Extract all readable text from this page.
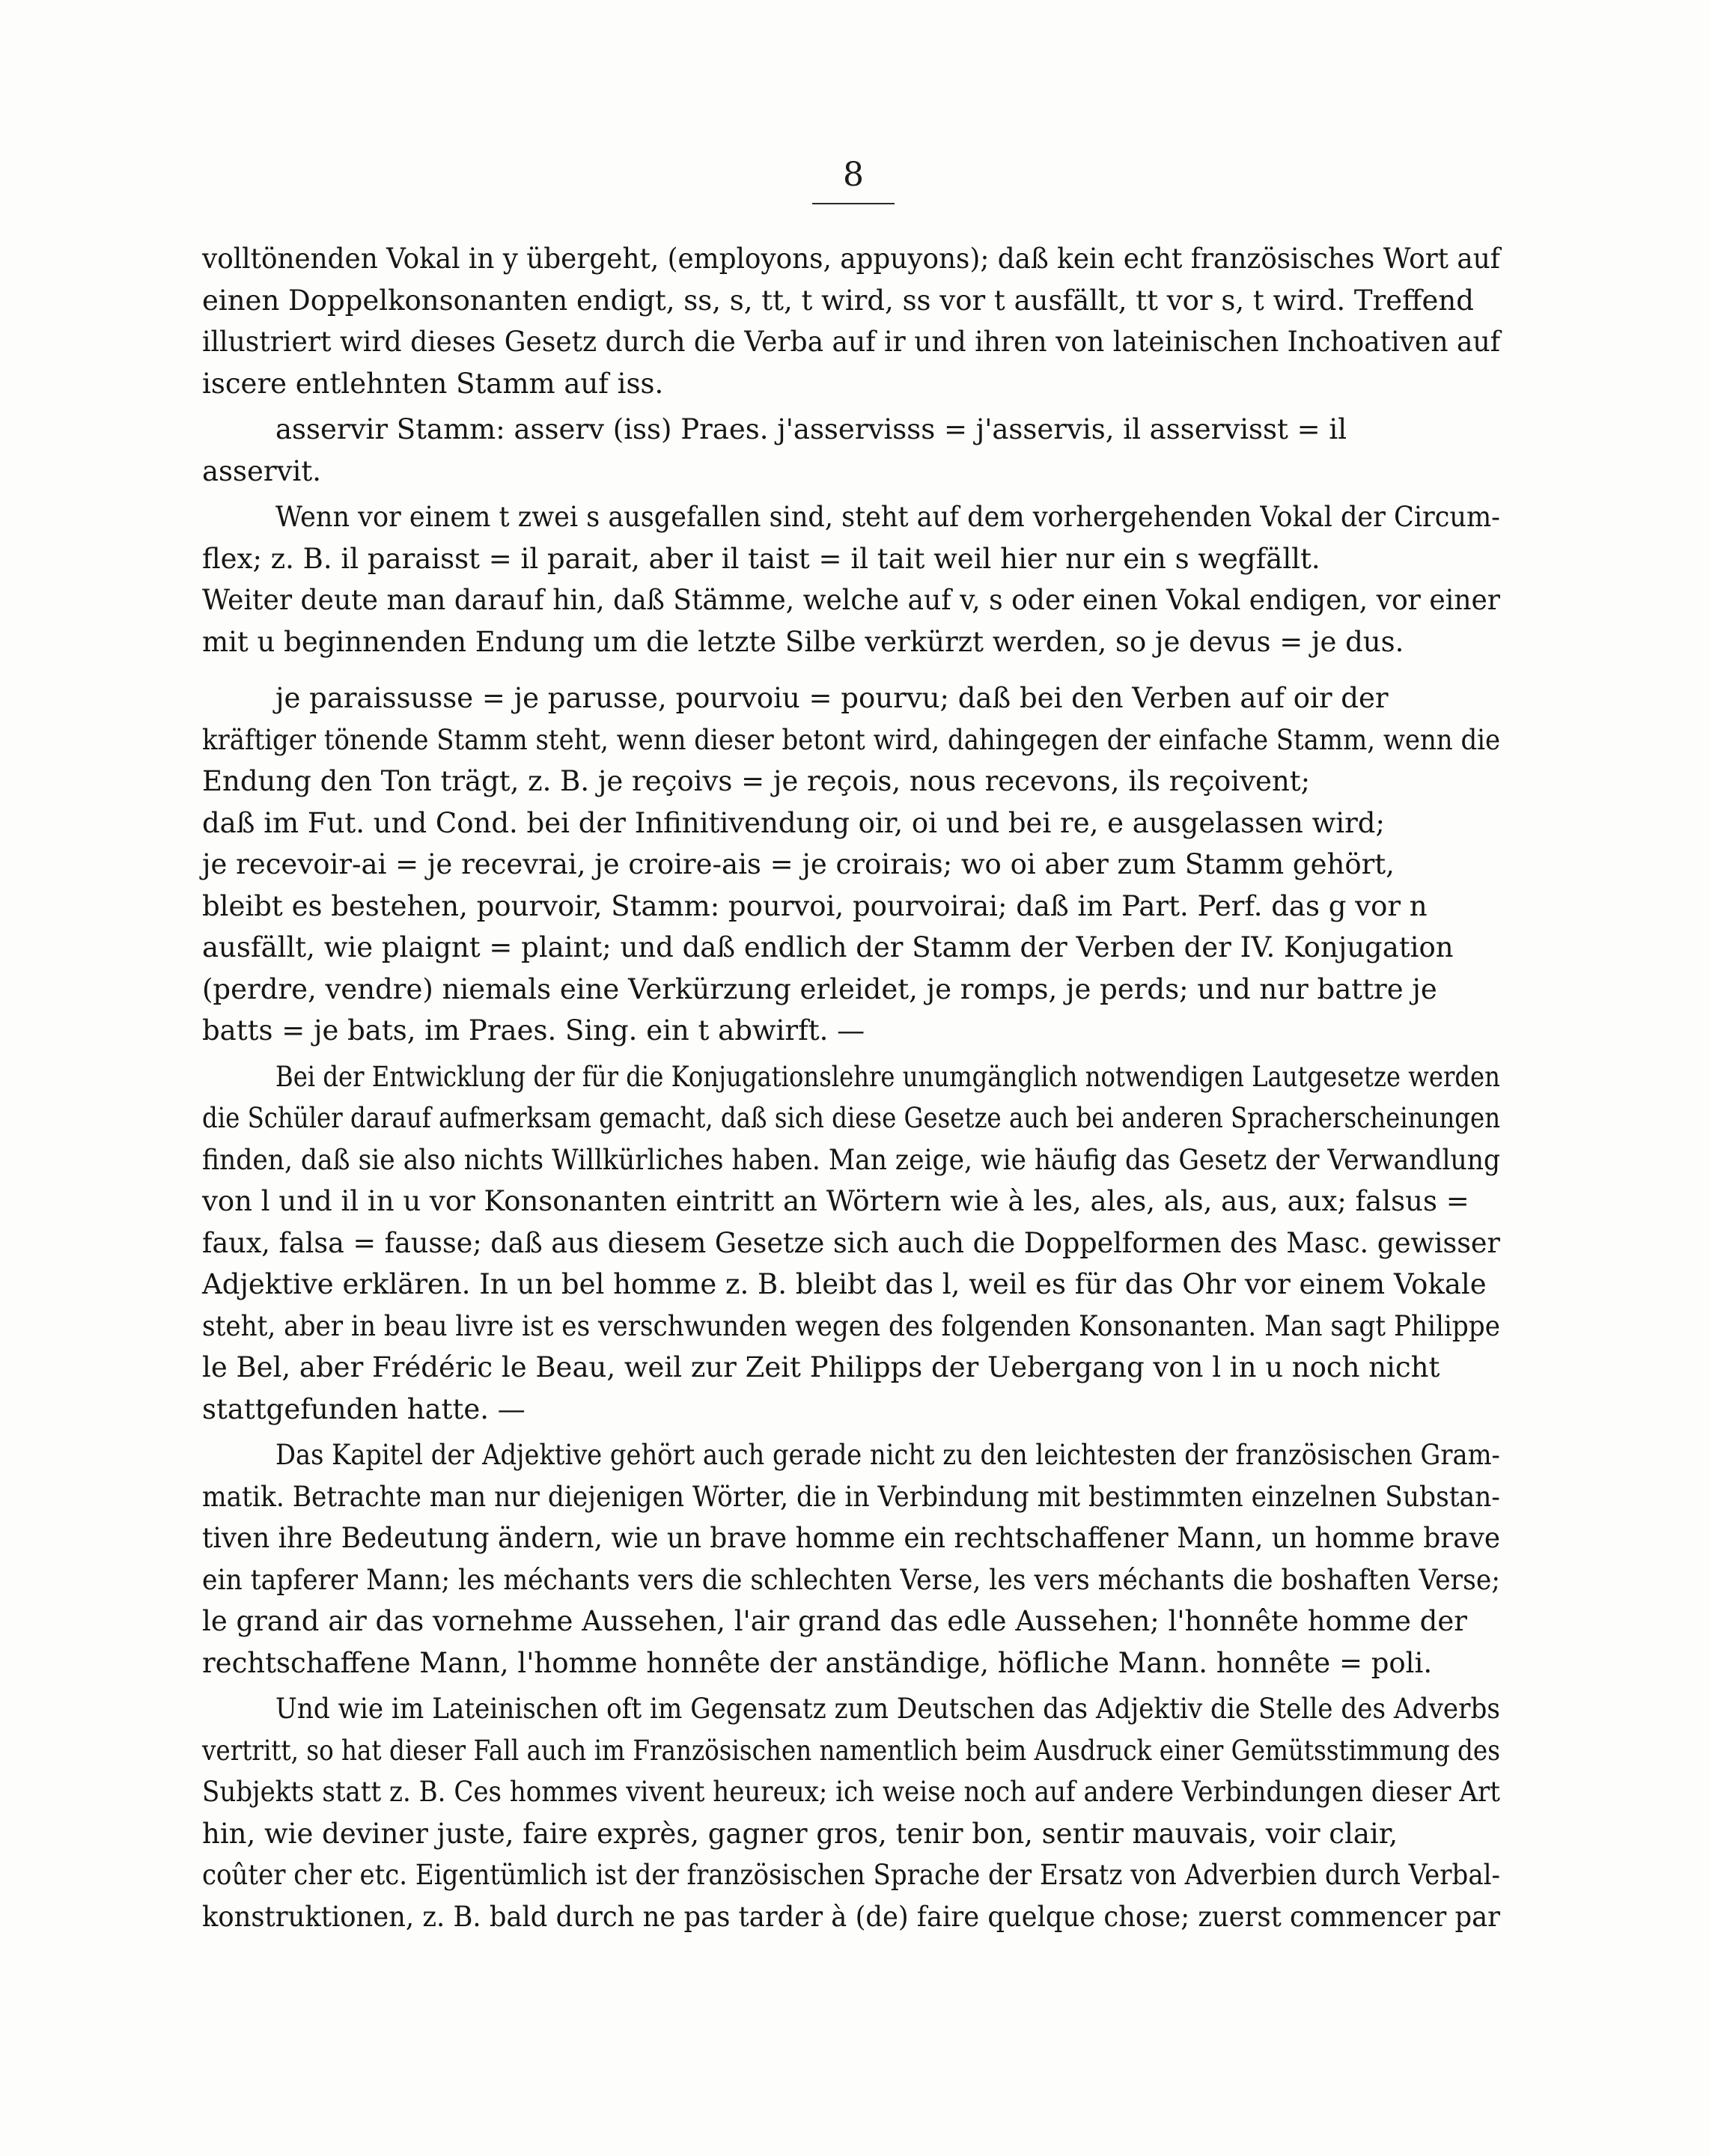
8
volltönenden Vokal in y übergeht, (employons, appuyons); daß kein echt französisches Wort auf
einen Doppelkonsonanten endigt, ss, s, tt, t wird, ss vor t ausfällt, tt vor s, t wird. Treffend
illustriert wird dieses Gesetz durch die Verba auf ir und ihren von lateinischen Inchoativen auf
iscere entlehnten Stamm auf iss.
asservir Stamm: asserv (iss) Praes. j'asservisss = j'asservis, il asservisst = il
asservit.
Wenn vor einem t zwei s ausgefallen sind, steht auf dem vorhergehenden Vokal der Circum-
flex; z. B. il paraisst = il parait, aber il taist = il tait weil hier nur ein s wegfällt.
Weiter deute man darauf hin, daß Stämme, welche auf v, s oder einen Vokal endigen, vor einer
mit u beginnenden Endung um die letzte Silbe verkürzt werden, so je devus = je dus.
je paraissusse = je parusse, pourvoiu = pourvu; daß bei den Verben auf oir der
kräftiger tönende Stamm steht, wenn dieser betont wird, dahingegen der einfache Stamm, wenn die
Endung den Ton trägt, z. B. je reçoivs = je reçois, nous recevons, ils reçoivent;
daß im Fut. und Cond. bei der Infinitivendung oir, oi und bei re, e ausgelassen wird;
je recevoir-ai = je recevrai, je croire-ais = je croirais; wo oi aber zum Stamm gehört,
bleibt es bestehen, pourvoir, Stamm: pourvoi, pourvoirai; daß im Part. Perf. das g vor n
ausfällt, wie plaignt = plaint; und daß endlich der Stamm der Verben der IV. Konjugation
(perdre, vendre) niemals eine Verkürzung erleidet, je romps, je perds; und nur battre je
batts = je bats, im Praes. Sing. ein t abwirft. —
Bei der Entwicklung der für die Konjugationslehre unumgänglich notwendigen Lautgesetze werden
die Schüler darauf aufmerksam gemacht, daß sich diese Gesetze auch bei anderen Spracherscheinungen
finden, daß sie also nichts Willkürliches haben. Man zeige, wie häufig das Gesetz der Verwandlung
von l und il in u vor Konsonanten eintritt an Wörtern wie à les, ales, als, aus, aux; falsus =
faux, falsa = fausse; daß aus diesem Gesetze sich auch die Doppelformen des Masc. gewisser
Adjektive erklären. In un bel homme z. B. bleibt das l, weil es für das Ohr vor einem Vokale
steht, aber in beau livre ist es verschwunden wegen des folgenden Konsonanten. Man sagt Philippe
le Bel, aber Frédéric le Beau, weil zur Zeit Philipps der Uebergang von l in u noch nicht
stattgefunden hatte. —
Das Kapitel der Adjektive gehört auch gerade nicht zu den leichtesten der französischen Gram-
matik. Betrachte man nur diejenigen Wörter, die in Verbindung mit bestimmten einzelnen Substan-
tiven ihre Bedeutung ändern, wie un brave homme ein rechtschaffener Mann, un homme brave
ein tapferer Mann; les méchants vers die schlechten Verse, les vers méchants die boshaften Verse;
le grand air das vornehme Aussehen, l'air grand das edle Aussehen; l'honnête homme der
rechtschaffene Mann, l'homme honnête der anständige, höfliche Mann. honnête = poli.
Und wie im Lateinischen oft im Gegensatz zum Deutschen das Adjektiv die Stelle des Adverbs
vertritt, so hat dieser Fall auch im Französischen namentlich beim Ausdruck einer Gemütsstimmung des
Subjekts statt z. B. Ces hommes vivent heureux; ich weise noch auf andere Verbindungen dieser Art
hin, wie deviner juste, faire exprès, gagner gros, tenir bon, sentir mauvais, voir clair,
coûter cher etc. Eigentümlich ist der französischen Sprache der Ersatz von Adverbien durch Verbal-
konstruktionen, z. B. bald durch ne pas tarder à (de) faire quelque chose; zuerst commencer par
